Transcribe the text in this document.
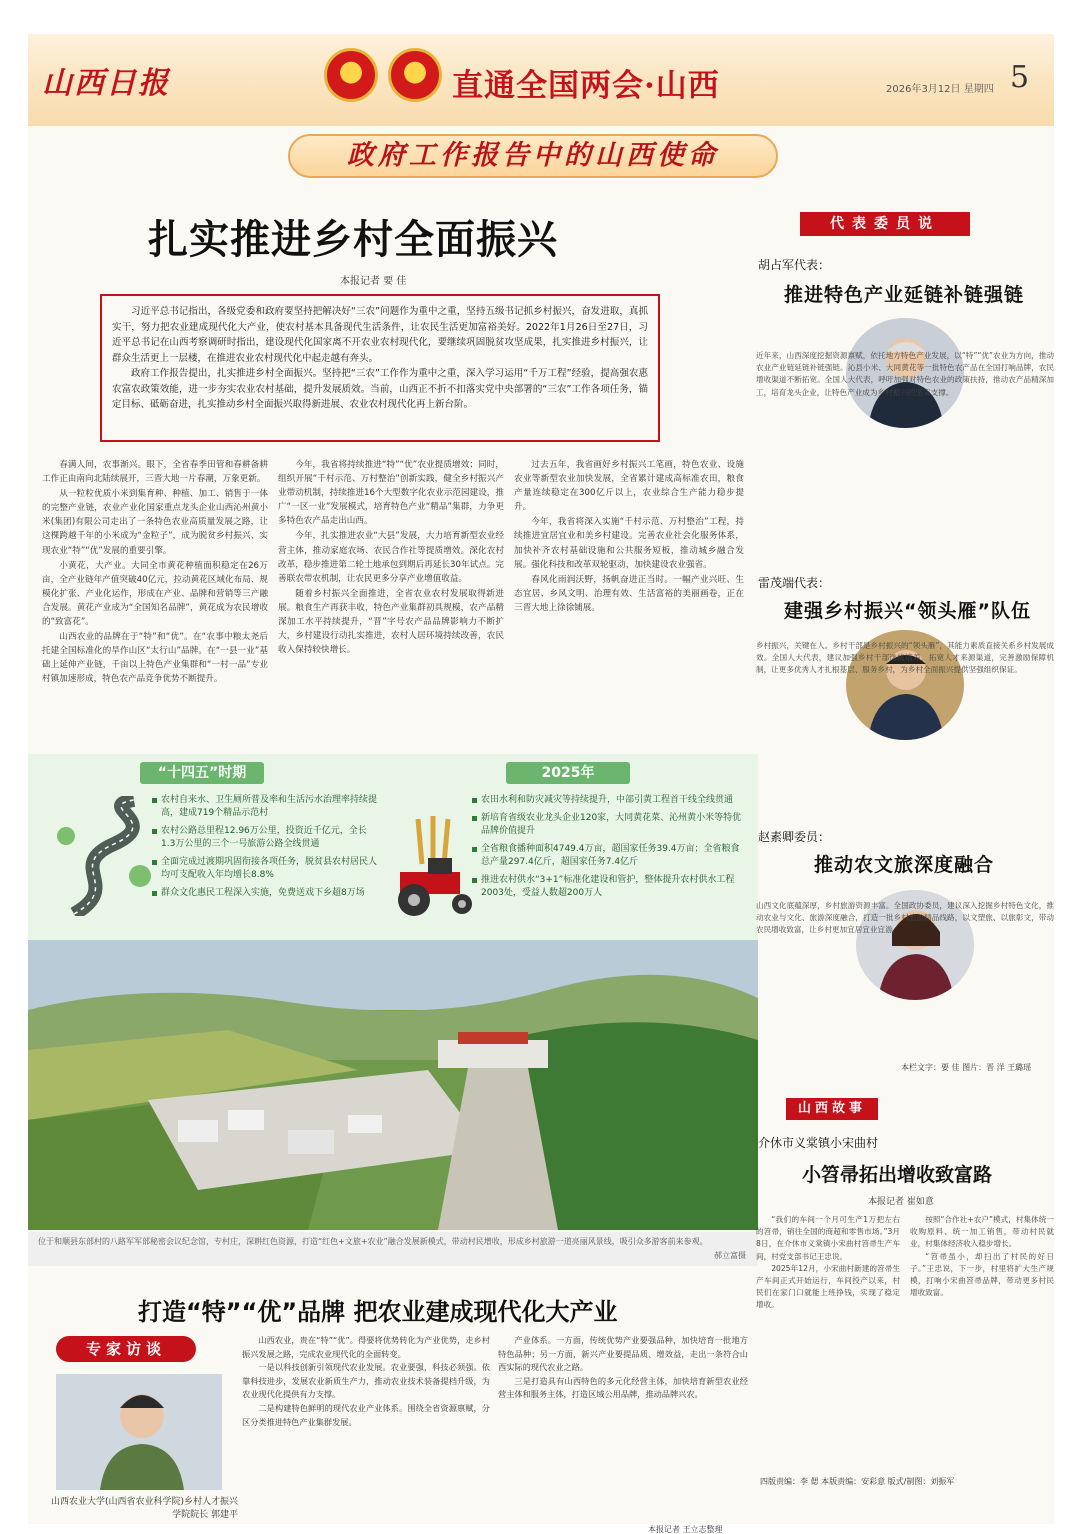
山西日报	直通全国两会·山西	2026年3月12日 星期四 5
政府工作报告中的山西使命
扎实推进乡村全面振兴
本报记者 要 佳

习近平总书记指出，各级党委和政府要坚持把解决好“三农”问题作为重中之重，坚持五级书记抓乡村振兴，奋发进取，真抓实干，努力把农业建成现代化大产业，使农村基本具备现代生活条件，让农民生活更加富裕美好。2022年1月26日至27日，习近平总书记在山西考察调研时指出，建设现代化国家离不开农业农村现代化，要继续巩固脱贫攻坚成果，扎实推进乡村振兴，让群众生活更上一层楼，在推进农业农村现代化中起走越有奔头。

政府工作报告提出，扎实推进乡村全面振兴。坚持把“三农”工作作为重中之重，深入学习运用“千万工程”经验，提高强农惠农富农政策效能，进一步夯实农业农村基础，提升发展质效。当前，山西正不折不扣落实党中央部署的“三农”工作各项任务，锚定目标、砥砺奋进，扎实推动乡村全面振兴取得新进展、农业农村现代化再上新台阶。

春满人间，农事渐兴。眼下，全省春季田管和春耕备耕工作正由南向北陆续展开，三晋大地一片春潮，万象更新。

从一粒粒优质小米到集育种、种植、加工、销售于一体的完整产业链，农业产业化国家重点龙头企业山西沁州黄小米(集团)有限公司走出了一条特色农业高质量发展之路，让这棵跨越千年的小米成为“金粒子”，成为脱贫乡村振兴、实现农业“特”“优”发展的重要引擎。

小黄花，大产业。大同全市黄花种植面积稳定在26万亩，全产业链年产值突破40亿元，拉动黄花区域化布局、规模化扩张、产业化运作，形成在产业、品牌和营销等三产融合发展。黄花产业成为“全国知名品牌”，黄花成为农民增收的“致富花”。

山西农业的品牌在于“特”和“优”。在“农事中粮太尧后托建全国标准化的旱作山区“太行山”品牌。在“一县一业”基础上延伸产业链，千亩以上特色产业集群和“一村一品”专业村镇加速形成，特色农产品竞争优势不断提升。

今年，我省将持续推进“特”“优”农业提质增效；同时，组织开展“千村示范、万村整治”创新实践，健全乡村振兴产业带动机制，持续推进16个大型数字化农业示范园建设，推广“一区一业”发展模式，培育特色产业“精品”集群，力争更多特色农产品走出山西。

今年，扎实推进农业“大县”发展，大力培育新型农业经营主体，推动家庭农场、农民合作社等提质增效。深化农村改革，稳步推进第二轮土地承包到期后再延长30年试点。完善联农带农机制，让农民更多分享产业增值收益。

随着乡村振兴全面推进，全省农业农村发展取得新进展。粮食生产再获丰收，特色产业集群初具规模，农产品精深加工水平持续提升，“晋”字号农产品品牌影响力不断扩大，乡村建设行动扎实推进，农村人居环境持续改善，农民收入保持较快增长。

过去五年，我省画好乡村振兴工笔画，特色农业、设施农业等新型农业加快发展，全省累计建成高标准农田，粮食产量连续稳定在300亿斤以上，农业综合生产能力稳步提升。

今年，我省将深入实施“千村示范、万村整治”工程，持续推进宜居宜业和美乡村建设。完善农业社会化服务体系，加快补齐农村基础设施和公共服务短板，推动城乡融合发展。强化科技和改革双轮驱动，加快建设农业强省。

春风化雨润沃野，扬帆奋进正当时。一幅产业兴旺、生态宜居、乡风文明、治理有效、生活富裕的美丽画卷，正在三晋大地上徐徐铺展。

“十四五”时期	2025年
农村自来水、卫生厕所普及率和生活污水治理率持续提高，建成719个精品示范村
农村公路总里程12.96万公里，投资近千亿元，全长1.3万公里的三个一号旅游公路全线贯通
全面完成过渡期巩固衔接各项任务，脱贫县农村居民人均可支配收入年均增长8.8%
群众文化惠民工程深入实施，免费送戏下乡超8万场
农田水利和防灾减灾等持续提升，中部引黄工程首干线全线贯通
新培育省级农业龙头企业120家，大同黄花菜、沁州黄小米等特优品牌价值提升
全省粮食播种面积4749.4万亩，超国家任务39.4万亩；全省粮食总产量297.4亿斤，超国家任务7.4亿斤
推进农村供水“3+1”标准化建设和管护，整体提升农村供水工程2003处，受益人数超200万人
位于和顺县东部村的八路军军部秘密会议纪念馆，专村庄，深耕红色资源，打造“红色+文旅+农业”融合发展新模式，带动村民增收，形成乡村旅游一道亮丽风景线，吸引众多游客前来参观。
郝立富摄
打造“特”“优”品牌 把农业建成现代化大产业
专家访谈
山西农业大学(山西省农业科学院)乡村人才振兴学院院长 郭建平

山西农业，贵在“特”“优”。得要将优势转化为产业优势，走乡村振兴发展之路，完成农业现代化的全面转变。

一是以科技创新引领现代农业发展。农业要强，科技必须强。依靠科技进步，发展农业新质生产力，推动农业技术装备提档升级，为农业现代化提供有力支撑。

二是构建特色鲜明的现代农业产业体系。围绕全省资源禀赋，分区分类推进特色产业集群发展。

产业体系。一方面，传统优势产业要强品种，加快培育一批地方特色品种；另一方面，新兴产业要提品质、增效益，走出一条符合山西实际的现代农业之路。

三是打造具有山西特色的多元化经营主体，加快培育新型农业经营主体和服务主体，打造区域公用品牌，推动品牌兴农。

本报记者 王立志整理
代表委员说
胡占军代表：
推进特色产业延链补链强链
近年来，山西深度挖掘资源禀赋，依托地方特色产业发展，以“特”“优”农业为方向，推动农业产业链延链补链强链。沁县小米、大同黄花等一批特色农产品在全国打响品牌，农民增收渠道不断拓宽。全国人大代表，呼吁加强对特色农业的政策扶持，推动农产品精深加工，培育龙头企业，让特色产业成为乡村振兴的坚实支撑。
雷茂端代表：
建强乡村振兴“领头雁”队伍
乡村振兴，关键在人。乡村干部是乡村振兴的“领头雁”，其能力素质直接关系乡村发展成效。全国人大代表，建议加强乡村干部选拔培养，拓宽人才来源渠道，完善激励保障机制，让更多优秀人才扎根基层、服务乡村，为乡村全面振兴提供坚强组织保证。
赵素卿委员：
推动农文旅深度融合
山西文化底蕴深厚，乡村旅游资源丰富。全国政协委员，建议深入挖掘乡村特色文化，推动农业与文化、旅游深度融合，打造一批乡村旅游精品线路，以文塑旅、以旅彰文，带动农民增收致富，让乡村更加宜居宜业宜游。
本栏文字：要 佳 图片：晋 洋 王璐瑶
山西故事
介休市义棠镇小宋曲村
小笤帚拓出增收致富路
本报记者 崔如意

“我们的车间一个月可生产1万把左右的笤帚，销往全国的商超和零售市场。”3月8日，在介休市义棠镇小宋曲村笤帚生产车间，村党支部书记王忠说。

2025年12月，小宋曲村新建的笤帚生产车间正式开始运行，车间投产以来，村民们在家门口就能上班挣钱，实现了稳定增收。

按照“合作社+农户”模式，村集体统一收购原料、统一加工销售，带动村民就业，村集体经济收入稳步增长。

“笤帚虽小，却扫出了村民的好日子。”王忠说，下一步，村里将扩大生产规模，打响小宋曲笤帚品牌，带动更多村民增收致富。

四版责编：李 偲 本版责编：安彩意 版式/制图：刘振军
